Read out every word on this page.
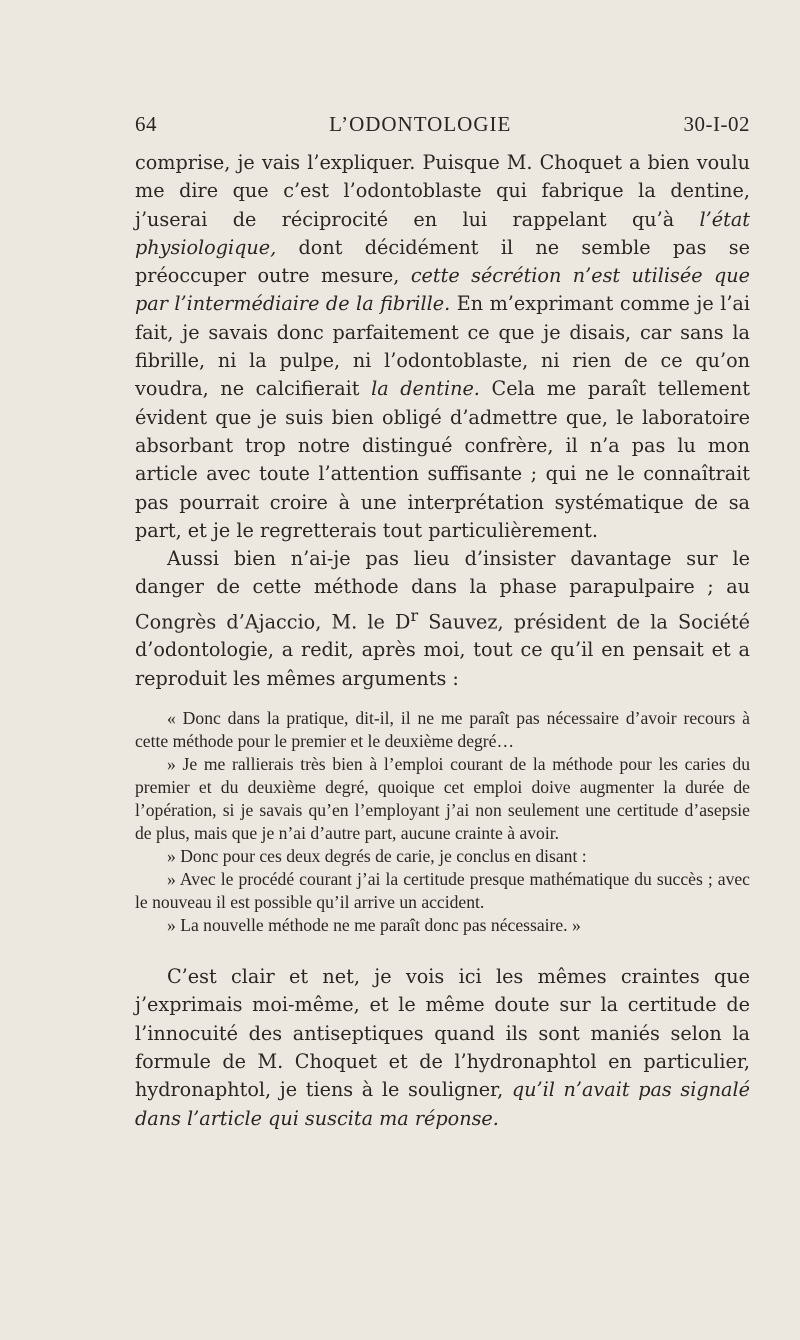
64	L’ODONTOLOGIE	30-I-02

comprise, je vais l’expliquer. Puisque M. Choquet a bien voulu me dire que c’est l’odontoblaste qui fabrique la dentine, j’userai de réciprocité en lui rappelant qu’à l’état physiologique, dont décidément il ne semble pas se préoccuper outre mesure, cette sécrétion n’est utilisée que par l’intermédiaire de la fibrille. En m’exprimant comme je l’ai fait, je savais donc parfaitement ce que je disais, car sans la fibrille, ni la pulpe, ni l’odontoblaste, ni rien de ce qu’on voudra, ne calcifierait la dentine. Cela me paraît tellement évident que je suis bien obligé d’admettre que, le laboratoire absorbant trop notre distingué confrère, il n’a pas lu mon article avec toute l’attention suffisante ; qui ne le connaîtrait pas pourrait croire à une interprétation systématique de sa part, et je le regretterais tout particulièrement.

Aussi bien n’ai-je pas lieu d’insister davantage sur le danger de cette méthode dans la phase parapulpaire ; au Congrès d’Ajaccio, M. le $D^r$ Sauvez, président de la Société d’odontologie, a redit, après moi, tout ce qu’il en pensait et a reproduit les mêmes arguments :

« Donc dans la pratique, dit-il, il ne me paraît pas nécessaire d’avoir recours à cette méthode pour le premier et le deuxième degré…

» Je me rallierais très bien à l’emploi courant de la méthode pour les caries du premier et du deuxième degré, quoique cet emploi doive augmenter la durée de l’opération, si je savais qu’en l’employant j’ai non seulement une certitude d’asepsie de plus, mais que je n’ai d’autre part, aucune crainte à avoir.

» Donc pour ces deux degrés de carie, je conclus en disant :

» Avec le procédé courant j’ai la certitude presque mathématique du succès ; avec le nouveau il est possible qu’il arrive un accident.

» La nouvelle méthode ne me paraît donc pas nécessaire. »

C’est clair et net, je vois ici les mêmes craintes que j’exprimais moi-même, et le même doute sur la certitude de l’innocuité des antiseptiques quand ils sont maniés selon la formule de M. Choquet et de l’hydronaphtol en particulier, hydronaphtol, je tiens à le souligner, qu’il n’avait pas signalé dans l’article qui suscita ma réponse.
